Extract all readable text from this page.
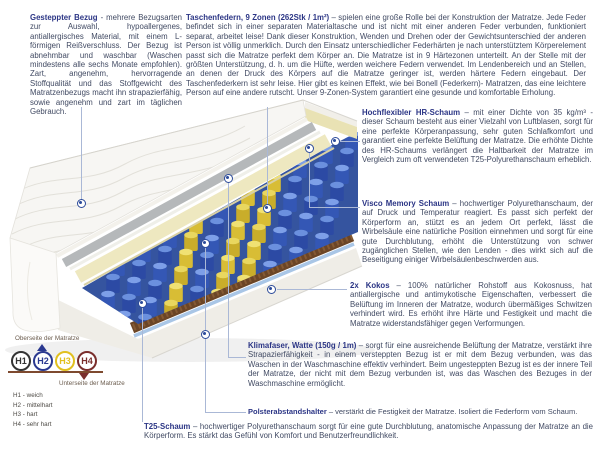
Gesteppter Bezug - mehrere Bezugsarten zur Auswahl, hypoallergenes, antiallergisches Material, mit einem L-förmigen Reißverschluss. Der Bezug ist abnehmbar und waschbar (Waschen mindestens alle sechs Monate empfohlen). Zart, angenehm, hervorragende Stoffqualität und das Stoffgewicht des Matratzenbezugs macht ihn strapazierfähig, sowie angenehm und zart im täglichen Gebrauch.
Taschenfedern, 9 Zonen (262Stk / 1m²) – spielen eine große Rolle bei der Konstruktion der Matratze. Jede Feder befindet sich in einer separaten Materialtasche und ist nicht mit einer anderen Feder verbunden, funktioniert separat, arbeitet leise! Dank dieser Konstruktion, Wenden und Drehen oder der Gewichtsunterschied der anderen Person ist völlig unmerklich. Durch den Einsatz unterschiedlicher Federhärten je nach unterstütztem Körperelement passt sich die Matratze perfekt dem Körper an. Die Matratze ist in 9 Härtezonen unterteilt. An der Stelle mit der größten Unterstützung, d. h. um die Hüfte, werden weichere Federn verwendet. Im Lendenbereich und an Stellen, an denen der Druck des Körpers auf die Matratze geringer ist, werden härtere Federn eingebaut. Der Taschenfederkern ist sehr leise. Hier gibt es keinen Effekt, wie bei Bonell (Federkern)- Matratzen, das eine leichtere Person auf eine andere rutscht. Unser 9-Zonen-System garantiert eine gesunde und komfortable Erholung.
Hochflexibler HR-Schaum – mit einer Dichte von 35 kg/m³ - dieser Schaum besteht aus einer Vielzahl von Luftblasen, sorgt für eine perfekte Körperanpassung, sehr guten Schlafkomfort und garantiert eine perfekte Belüftung der Matratze. Die erhöhte Dichte des HR-Schaums verlängert die Haltbarkeit der Matratze im Vergleich zum oft verwendeten T25-Polyurethanschaum erheblich.
Visco Memory Schaum – hochwertiger Polyurethanschaum, der auf Druck und Temperatur reagiert. Es passt sich perfekt der Körperform an, stützt es an jedem Ort perfekt, lässt die Wirbelsäule eine natürliche Position einnehmen und sorgt für eine gute Durchblutung, erhöht die Unterstützung von schwer zugänglichen Stellen, wie den Lenden - dies wirkt sich auf die Beseitigung einiger Wirbelsäulenbeschwerden aus.
2x Kokos – 100% natürlicher Rohstoff aus Kokosnuss, hat antiallergische und antimykotische Eigenschaften, verbessert die Belüftung im Inneren der Matratze, wodurch übermäßiges Schwitzen verhindert wird. Es erhöht ihre Härte und Festigkeit und macht die Matratze widerstandsfähiger gegen Verformungen.
Klimafaser, Watte (150g / 1m) – sorgt für eine ausreichende Belüftung der Matratze, verstärkt ihre Strapazierfähigkeit - in einem versteppten Bezug ist er mit dem Bezug verbunden, was das Waschen in der Waschmaschine effektiv verhindert. Beim ungesteppten Bezug ist es der innere Teil der Matratze, der nicht mit dem Bezug verbunden ist, was das Waschen des Bezuges in der Waschmaschine ermöglicht.
Polsterabstandshalter – verstärkt die Festigkeit der Matratze. Isoliert die Federform vom Schaum.
T25-Schaum – hochwertiger Polyurethanschaum sorgt für eine gute Durchblutung, anatomische Anpassung der Matratze an die Körperform. Es stärkt das Gefühl von Komfort und Benutzerfreundlichkeit.
Oberseite der Matratze
H1	H2	H3	H4
Unterseite der Matratze
H1 - weich
H2 - mittelhart
H3 - hart
H4 - sehr hart
